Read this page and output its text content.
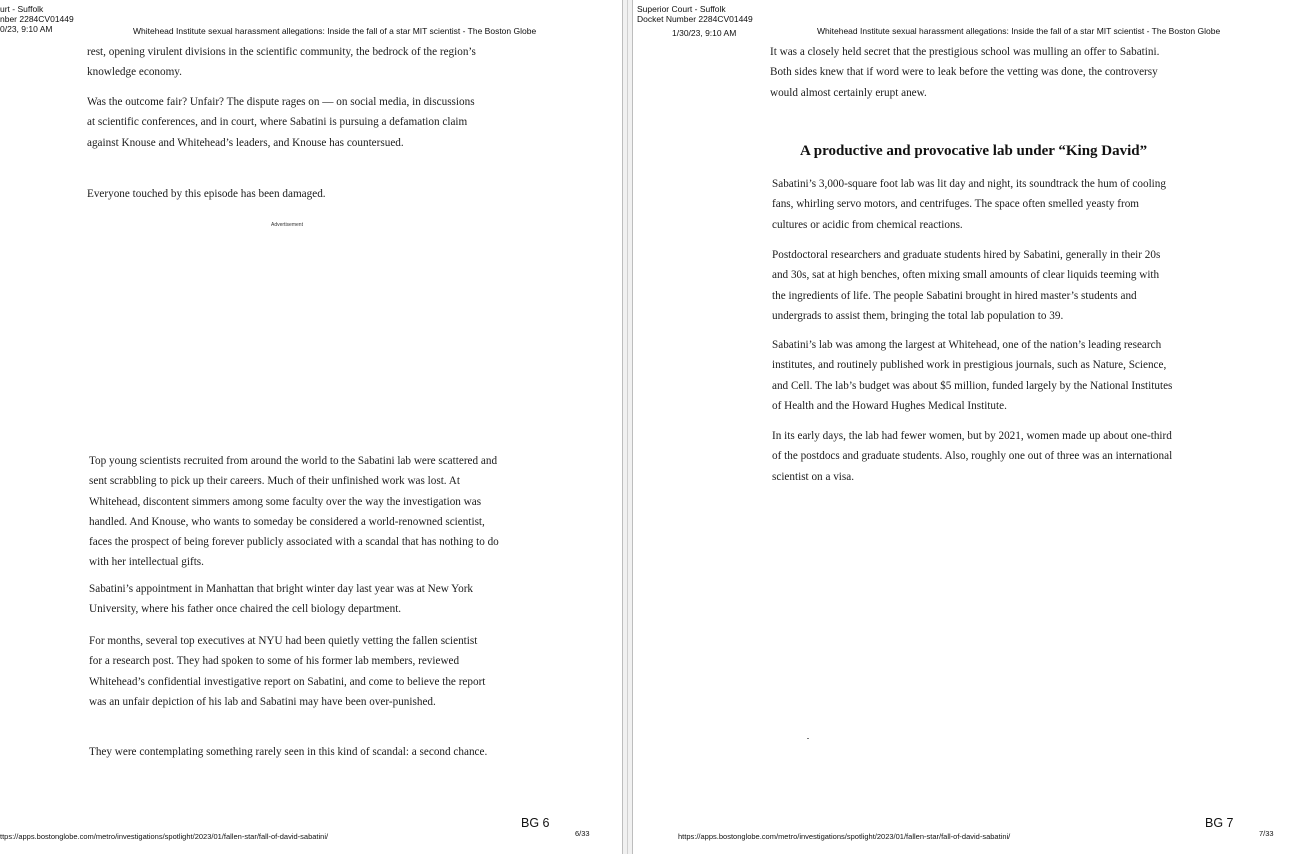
urt - Suffolk
nber 2284CV01449
0/23, 9:10 AM	Whitehead Institute sexual harassment allegations: Inside the fall of a star MIT scientist - The Boston Globe

rest, opening virulent divisions in the scientific community, the bedrock of the region’s knowledge economy.

Was the outcome fair? Unfair? The dispute rages on — on social media, in discussions at scientific conferences, and in court, where Sabatini is pursuing a defamation claim against Knouse and Whitehead’s leaders, and Knouse has countersued.

Everyone touched by this episode has been damaged.

Advertisement

Top young scientists recruited from around the world to the Sabatini lab were scattered and sent scrabbling to pick up their careers. Much of their unfinished work was lost. At Whitehead, discontent simmers among some faculty over the way the investigation was handled. And Knouse, who wants to someday be considered a world-renowned scientist, faces the prospect of being forever publicly associated with a scandal that has nothing to do with her intellectual gifts.

Sabatini’s appointment in Manhattan that bright winter day last year was at New York University, where his father once chaired the cell biology department.

For months, several top executives at NYU had been quietly vetting the fallen scientist for a research post. They had spoken to some of his former lab members, reviewed Whitehead’s confidential investigative report on Sabatini, and come to believe the report was an unfair depiction of his lab and Sabatini may have been over-punished.

They were contemplating something rarely seen in this kind of scandal: a second chance.

BG 6
ttps://apps.bostonglobe.com/metro/investigations/spotlight/2023/01/fallen-star/fall-of-david-sabatini/	6/33
Superior Court - Suffolk
Docket Number 2284CV01449
1/30/23, 9:10 AM	Whitehead Institute sexual harassment allegations: Inside the fall of a star MIT scientist - The Boston Globe

It was a closely held secret that the prestigious school was mulling an offer to Sabatini. Both sides knew that if word were to leak before the vetting was done, the controversy would almost certainly erupt anew.

A productive and provocative lab under “King David”

Sabatini’s 3,000-square foot lab was lit day and night, its soundtrack the hum of cooling fans, whirling servo motors, and centrifuges. The space often smelled yeasty from cultures or acidic from chemical reactions.

Postdoctoral researchers and graduate students hired by Sabatini, generally in their 20s and 30s, sat at high benches, often mixing small amounts of clear liquids teeming with the ingredients of life. The people Sabatini brought in hired master’s students and undergrads to assist them, bringing the total lab population to 39.

Sabatini’s lab was among the largest at Whitehead, one of the nation’s leading research institutes, and routinely published work in prestigious journals, such as Nature, Science, and Cell. The lab’s budget was about $5 million, funded largely by the National Institutes of Health and the Howard Hughes Medical Institute.

In its early days, the lab had fewer women, but by 2021, women made up about one-third of the postdocs and graduate students. Also, roughly one out of three was an international scientist on a visa.

BG 7
https://apps.bostonglobe.com/metro/investigations/spotlight/2023/01/fallen-star/fall-of-david-sabatini/	7/33
